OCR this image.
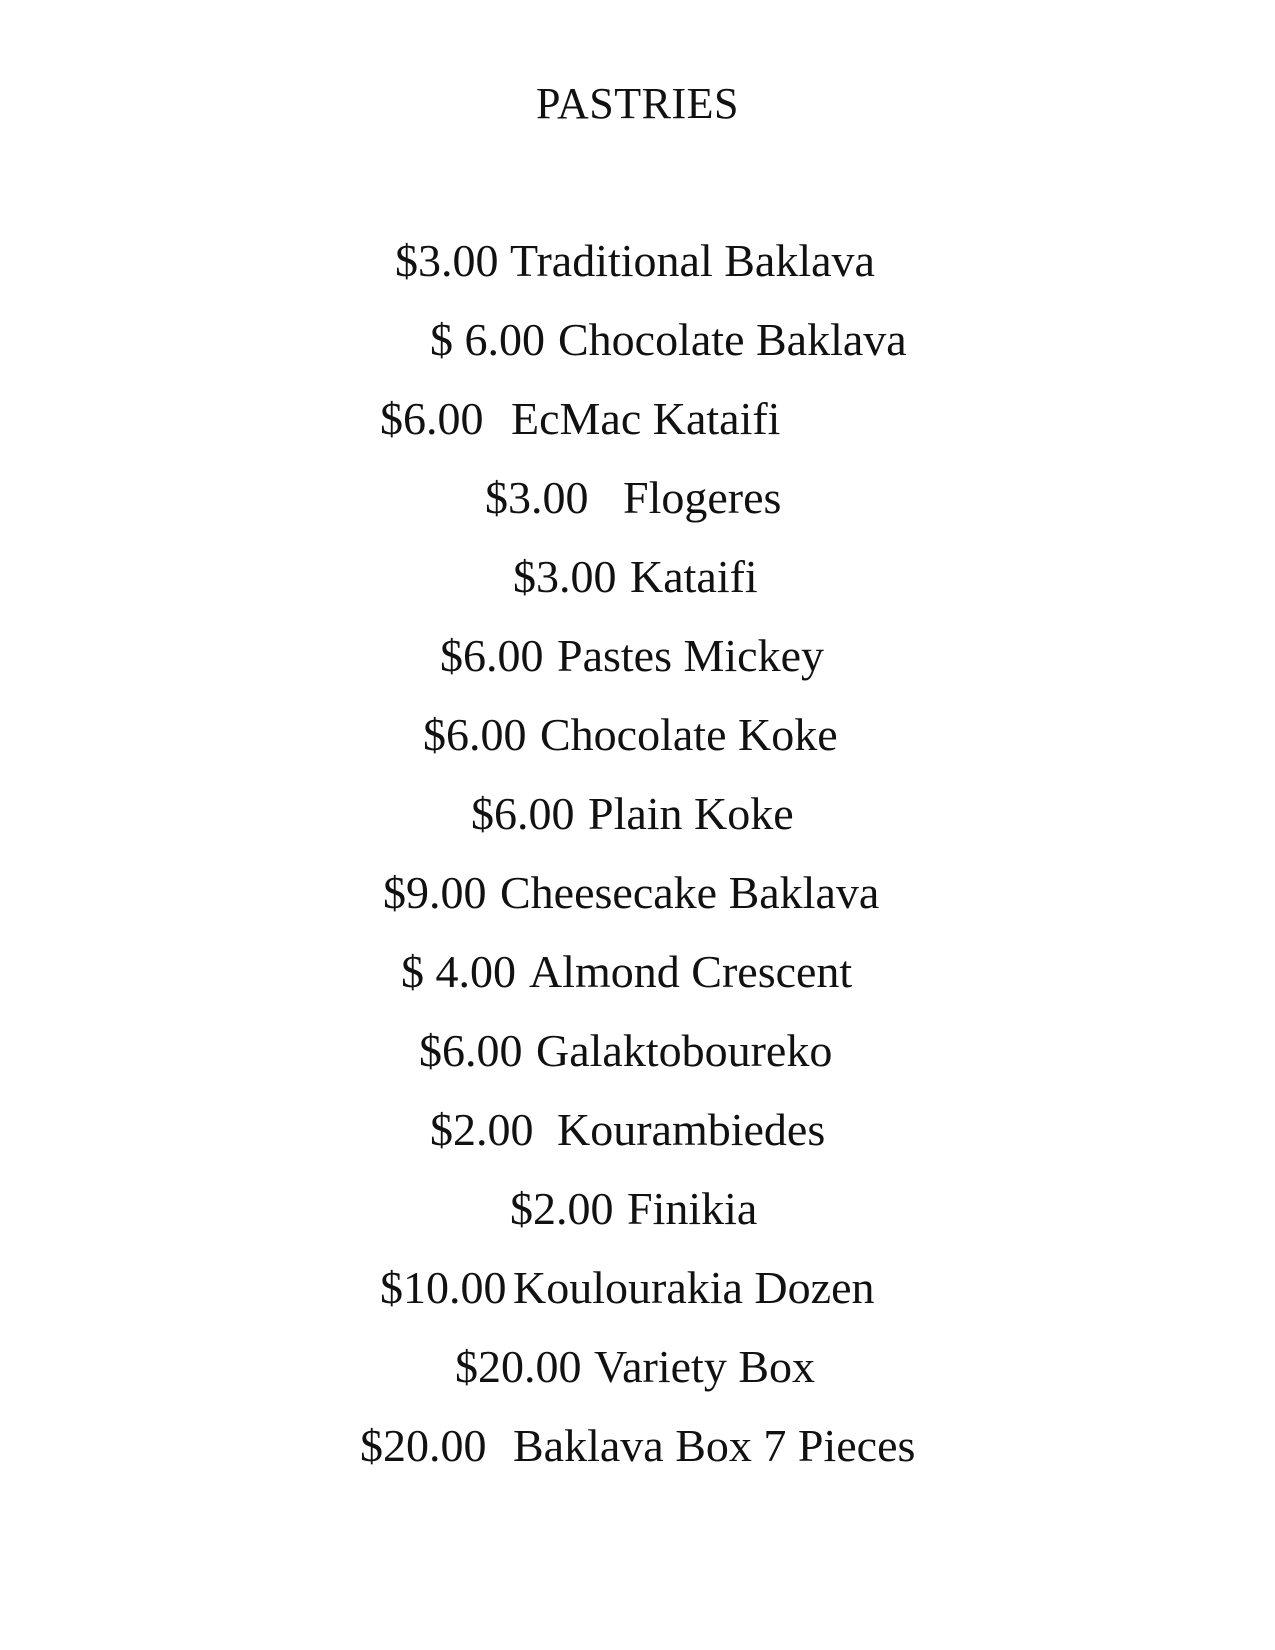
PASTRIES

$3.00

Traditional Baklava

$ 6.00

Chocolate Baklava

$6.00

EcMac Kataifi

$3.00

Flogeres

$3.00

Kataifi

$6.00

Pastes Mickey

$6.00

Chocolate Koke

$6.00

Plain Koke

$9.00

Cheesecake Baklava

$ 4.00

Almond Crescent

$6.00

Galaktoboureko

$2.00

Kourambiedes

$2.00

Finikia

$10.00

Koulourakia Dozen

$20.00

Variety Box

$20.00

Baklava Box 7 Pieces
